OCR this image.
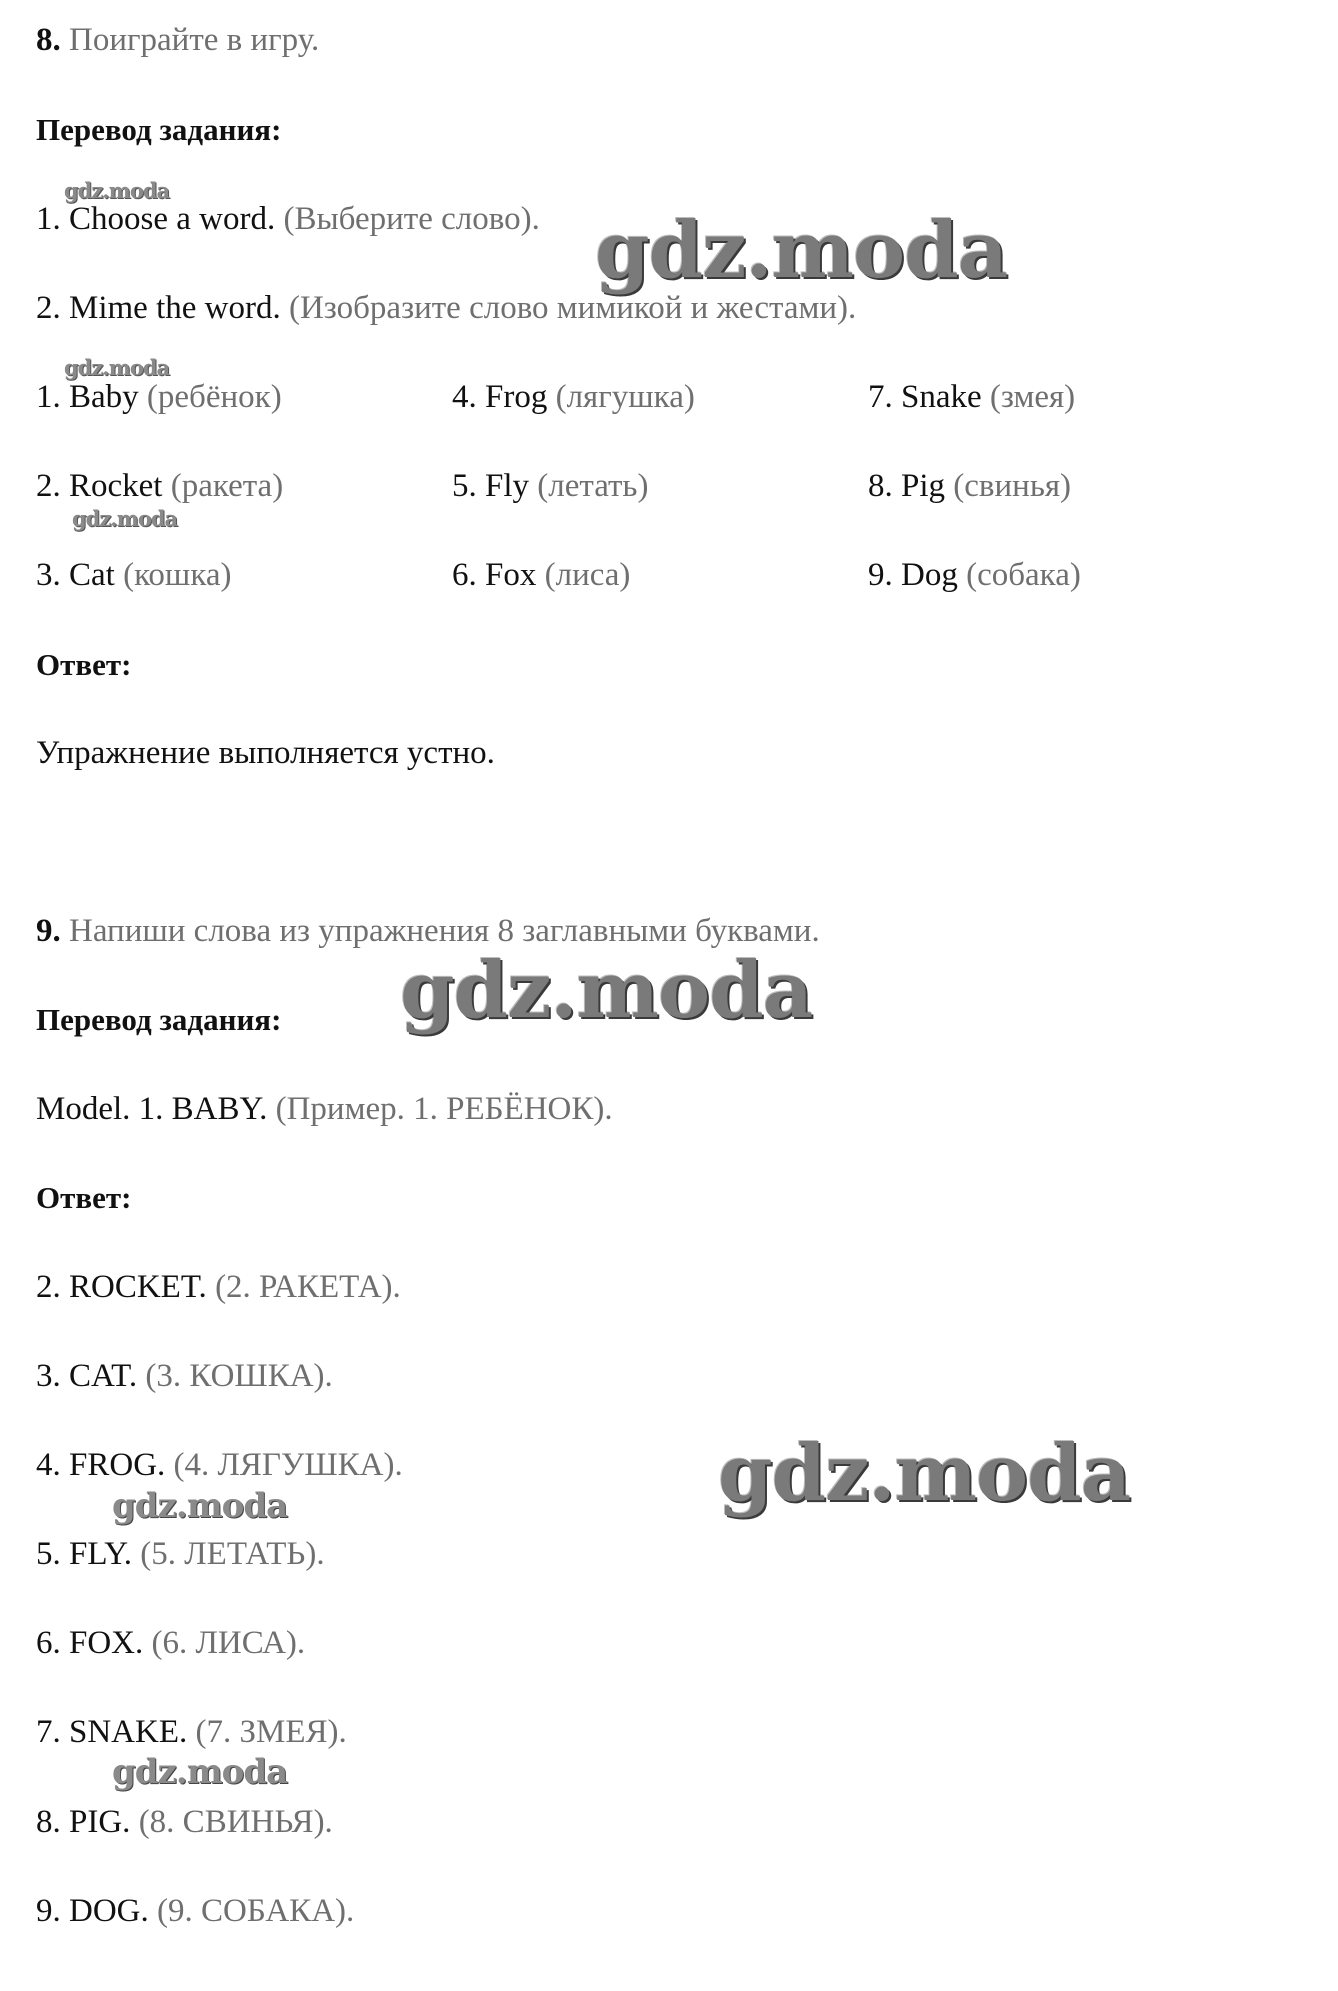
8. Поиграйте в игру.
Перевод задания:
1. Choose a word. (Выберите слово).
2. Mime the word. (Изобразите слово мимикой и жестами).
1. Baby (ребёнок)	4. Frog (лягушка)	7. Snake (змея)
2. Rocket (ракета)	5. Fly (летать)	8. Pig (свинья)
3. Cat (кошка)	6. Fox (лиса)	9. Dog (собака)
Ответ:
Упражнение выполняется устно.
9. Напиши слова из упражнения 8 заглавными буквами.
Перевод задания:
Model. 1. BABY. (Пример. 1. РЕБЁНОК).
Ответ:
2. ROCKET. (2. РАКЕТА).
3. CAT. (3. КОШКА).
4. FROG. (4. ЛЯГУШКА).
5. FLY. (5. ЛЕТАТЬ).
6. FOX. (6. ЛИСА).
7. SNAKE. (7. ЗМЕЯ).
8. PIG. (8. СВИНЬЯ).
9. DOG. (9. СОБАКА).
gdz.moda
gdz.moda
gdz.moda
gdz.moda
gdz.moda
gdz.moda
gdz.moda
gdz.moda
